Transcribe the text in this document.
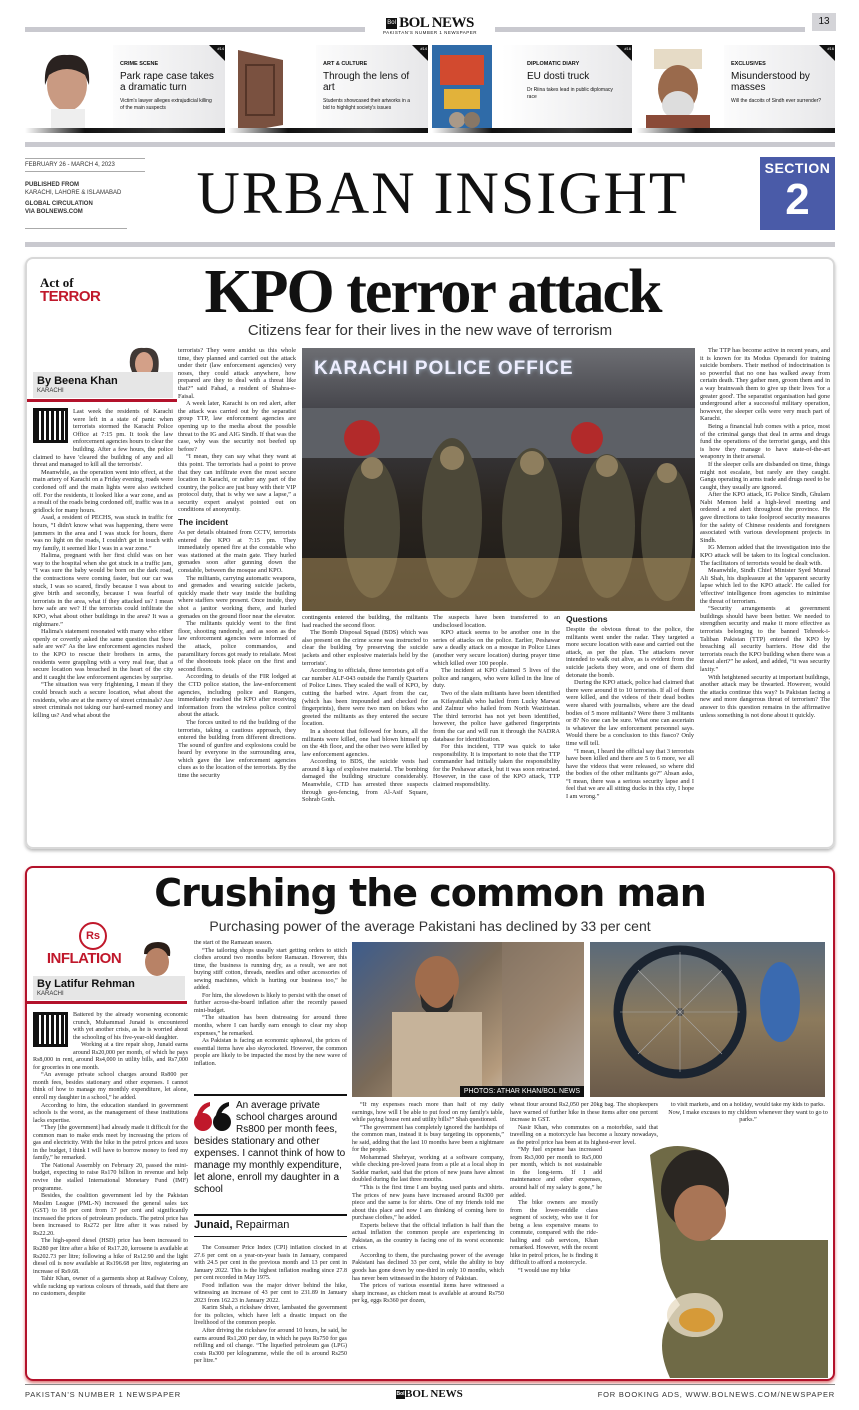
Bol BOL NEWS
PAKISTAN'S NUMBER 1 NEWSPAPER
13
CRIME SCENE
Park rape case takes a dramatic turn
Victim's lawyer alleges extrajudicial killing of the main suspects
#14
ART & CULTURE
Through the lens of art
Students showcased their artworks in a bid to highlight society's issues
#14
DIPLOMATIC DIARY
EU dosti truck
Dr Riina takes lead in public diplomacy race
#16
EXCLUSIVES
Misunderstood by masses
Will the dacoits of Sindh ever surrender?
#16
FEBRUARY 26 - MARCH 4, 2023
PUBLISHED FROM
KARACHI, LAHORE & ISLAMABAD
GLOBAL CIRCULATION
VIA BOLNEWS.COM	URBAN INSIGHT	SECTION
2
Act of
TERROR	KPO terror attack
Citizens fear for their lives in the new wave of terrorism
By Beena Khan
KARACHI

Last week the residents of Karachi were left in a state of panic when terrorists stormed the Karachi Police Office at 7:15 pm. It took the law enforcement agencies hours to clear the building. After a few hours, the police claimed to have 'cleared the building of any and all threat and managed to kill all the terrorists'.

Meanwhile, as the operation went into effect, at the main artery of Karachi on a Friday evening, roads were cordoned off and the main lights were also switched off. For the residents, it looked like a war zone, and as a result of the roads being cordoned off, traffic was in a gridlock for many hours.

Asad, a resident of PECHS, was stuck in traffic for hours, “I didn't know what was happening, there were jammers in the area and I was stuck for hours, there was no light on the roads, I couldn't get in touch with my family, it seemed like I was in a war zone.”

Halima, pregnant with her first child was on her way to the hospital when she got stuck in a traffic jam, “I was sure the baby would be born on the dark road, the contractions were coming faster, but our car was stuck, I was so scared, firstly because I was about to give birth and secondly, because I was fearful of terrorists in the area, what if they attacked us? I mean how safe are we? If the terrorists could infiltrate the KPO, what about other buildings in the area? It was a nightmare.”

Halima's statement resonated with many who either openly or covertly asked the same question that 'how safe are we?' As the law enforcement agencies rushed to the KPO to rescue their brothers in arms, the residents were grappling with a very real fear, that a secure location was breached in the heart of the city and it caught the law enforcement agencies by surprise.

“The situation was very frightening, I mean if they could breach such a secure location, what about the residents, who are at the mercy of street criminals? Are street criminals not taking our hard-earned money and killing us? And what about the

terrorists? They were amidst us this whole time, they planned and carried out the attack under their (law enforcement agencies) very noses, they could attack anywhere, how prepared are they to deal with a threat like that?” said Fahad, a resident of Shahra-e-Faisal.

A week later, Karachi is on red alert, after the attack was carried out by the separatist group TTP, law enforcement agencies are opening up to the media about the possible threat to the IG and AIG Sindh. If that was the case, why was the security not beefed up before?

“I mean, they can say what they want at this point. The terrorists had a point to prove that they can infiltrate even the most secure location in Karachi, or rather any part of the country, the police are just busy with their VIP protocol duty, that is why we saw a lapse,” a security expert analyst pointed out on conditions of anonymity.

The incident

As per details obtained from CCTV, terrorists entered the KPO at 7:15 pm. They immediately opened fire at the constable who was stationed at the main gate. They hurled grenades soon after gunning down the constable, between the mosque and KPO.

The militants, carrying automatic weapons, and grenades and wearing suicide jackets, quickly made their way inside the building where staffers were present. Once inside, they shot a janitor working there, and hurled grenades on the ground floor near the elevator.

The militants quickly went to the first floor, shooting randomly, and as soon as the law enforcement agencies were informed of the attack, police commandos, and paramilitary forces got ready to retaliate. Most of the shootouts took place on the first and second floors.

According to details of the FIR lodged at the CTD police station, the law-enforcement agencies, including police and Rangers, immediately reached the KPO after receiving information from the wireless police control about the attack.

The forces united to rid the building of the terrorists, taking a cautious approach, they entered the building from different directions. The sound of gunfire and explosions could be heard by everyone in the surrounding area, which gave the law enforcement agencies clues as to the location of the terrorists. By the time the security

KARACHI POLICE OFFICE

contingents entered the building, the militants had reached the second floor.

The Bomb Disposal Squad (BDS) which was also present on the crime scene was instructed to clear the building 'by preserving the suicide jackets and other explosive materials held by the terrorists'.

According to officials, three terrorists got off a car number ALF-043 outside the Family Quarters of Police Lines. They scaled the wall of KPO, by cutting the barbed wire. Apart from the car, (which has been impounded and checked for fingerprints), there were two men on bikes who greeted the militants as they entered the secure location.

In a shootout that followed for hours, all the militants were killed, one had blown himself up on the 4th floor, and the other two were killed by law enforcement agencies.

According to BDS, the suicide vests had around 8 kgs of explosive material. The bombing damaged the building structure considerably. Meanwhile, CTD has arrested three suspects through geo-fencing, from Al-Asif Square, Sohrab Goth.

The suspects have been transferred to an undisclosed location.

KPO attack seems to be another one in the series of attacks on the police. Earlier, Peshawar saw a deadly attack on a mosque in Police Lines (another very secure location) during prayer time which killed over 100 people.

The incident at KPO claimed 5 lives of the police and rangers, who were killed in the line of duty.

Two of the slain militants have been identified as Kifayatullah who hailed from Lucky Marwat and Zalmur who hailed from North Waziristan. The third terrorist has not yet been identified, however, the police have gathered fingerprints from the car and will run it through the NADRA database for identification.

For this incident, TTP was quick to take responsibility. It is important to note that the TTP commander had initially taken the responsibility for the Peshawar attack, but it was soon retracted. However, in the case of the KPO attack, TTP claimed responsibility.

Questions

Despite the obvious threat to the police, the militants went under the radar. They targeted a more secure location with ease and carried out the attack, as per the plan. The attackers never intended to walk out alive, as is evident from the suicide jackets they wore, and one of them did detonate the bomb.

During the KPO attack, police had claimed that there were around 8 to 10 terrorists. If all of them were killed, and the videos of their dead bodies were shared with journalists, where are the dead bodies of 5 more militants? Were there 3 militants or 8? No one can be sure. What one can ascertain is whatever the law enforcement personnel says. Would there be a conclusion to this fiasco? Only time will tell.

“I mean, I heard the official say that 3 terrorists have been killed and there are 5 to 6 more, we all have the videos that were released, so where did the bodies of the other militants go?” Ahsan asks, “I mean, there was a serious security lapse and I feel that we are all sitting ducks in this city, I hope I am wrong.”

The TTP has become active in recent years, and it is known for its Modus Operandi for training suicide bombers. Their method of indoctrination is so powerful that no one has walked away from certain death. They gather men, groom them and in a way brainwash them to give up their lives 'for a greater good'. The separatist organisation had gone underground after a successful military operation, however, the sleeper cells were very much part of Karachi.

Being a financial hub comes with a price, most of the criminal gangs that deal in arms and drugs fund the operations of the terrorist gangs, and this is how they manage to have state-of-the-art weaponry in their arsenal.

If the sleeper cells are disbanded on time, things might not escalate, but rarely are they caught. Gangs operating in arms trade and drugs need to be caught, they usually are ignored.

After the KPO attack, IG Police Sindh, Ghulam Nabi Memon held a high-level meeting and ordered a red alert throughout the province. He gave directions to take foolproof security measures for the safety of Chinese residents and foreigners associated with various development projects in Sindh.

IG Memon added that the investigation into the KPO attack will be taken to its logical conclusion. The facilitators of terrorists would be dealt with.

Meanwhile, Sindh Chief Minister Syed Murad Ali Shah, his displeasure at the 'apparent security lapse which led to the KPO attack'. He called for 'effective' intelligence from agencies to minimise the threat of terrorism.

“Security arrangements at government buildings should have been better. We needed to strengthen security and make it more effective as terrorists belonging to the banned Tehreek-i-Taliban Pakistan (TTP) entered the KPO by breaching all security barriers. How did the terrorists reach the KPO building when there was a threat alert?” he asked, and added, “it was security laxity.”

With heightened security at important buildings, another attack may be thwarted. However, would the attacks continue this way? Is Pakistan facing a new and more dangerous threat of terrorism? The answer to this question remains in the affirmative unless something is not done about it quickly.

Crushing the common man
Purchasing power of the average Pakistani has declined by 33 per cent
Rs
INFLATION
By Latifur Rehman
KARACHI

Battered by the already worsening economic crunch, Muhammad Junaid is encountered with yet another crisis, as he is worried about the schooling of his five-year-old daughter.

Working at a tire repair shop, Junaid earns around Rs20,000 per month, of which he pays Rs8,000 in rent, around Rs4,000 in utility bills, and Rs7,000 for groceries in one month.

“An average private school charges around Rs800 per month fees, besides stationary and other expenses. I cannot think of how to manage my monthly expenditure, let alone, enroll my daughter in a school,” he added.

According to him, the education standard in government schools is the worst, as the management of these institutions lacks expertise.

“They [the government] had already made it difficult for the common man to make ends meet by increasing the prices of gas and electricity. With the hike in the petrol prices and taxes in the budget, I think I will have to borrow money to feed my family,” he remarked.

The National Assembly on February 20, passed the mini-budget, expecting to raise Rs170 billion in revenue and help revive the stalled International Monetary Fund (IMF) programme.

Besides, the coalition government led by the Pakistan Muslim League (PML-N) increased the general sales tax (GST) to 18 per cent from 17 per cent and significantly increased the prices of petroleum products. The petrol price has been increased to Rs272 per litre after it was raised by Rs22.20.

The high-speed diesel (HSD) price has been increased to Rs280 per litre after a hike of Rs17.20, kerosene is available at Rs202.73 per litre; following a hike of Rs12.90 and the light diesel oil is now available at Rs196.68 per litre, registering an increase of Rs9.68.

Tahir Khan, owner of a garments shop at Railway Colony, while racking up various colours of threads, said that there are no customers, despite

the start of the Ramazan season.

“The tailoring shops usually start getting orders to stitch clothes around two months before Ramazan. However, this time, the business is running dry, as a result, we are not buying stiff cotton, threads, needles and other accessories of sewing machines, which is hurting our business too,” he added.

For him, the slowdown is likely to persist with the onset of further across-the-board inflation after the recently passed mini-budget.

“The situation has been distressing for around three months, where I can hardly earn enough to clear my shop expenses,” he remarked.

As Pakistan is facing an economic upheaval, the prices of essential items have also skyrocketed. However, the common people are likely to be impacted the most by the new wave of inflation.

An average private school charges around Rs800 per month fees, besides stationary and other expenses. I cannot think of how to manage my monthly expenditure, let alone, enroll my daughter in a school
Junaid, Repairman

The Consumer Price Index (CPI) inflation clocked in at 27.6 per cent on a year-on-year basis in January, compared with 24.5 per cent in the previous month and 13 per cent in January 2022. This is the highest inflation reading since 27.8 per cent recorded in May 1975.

Food inflation was the major driver behind the hike, witnessing an increase of 43 per cent to 231.89 in January 2023 from 162.23 in January 2022.

Karim Shah, a rickshaw driver, lambasted the government for its policies, which have left a drastic impact on the livelihood of the common people.

After driving the rickshaw for around 10 hours, he said, he earns around Rs1,200 per day, in which he pays Rs750 for gas refilling and oil change. “The liquefied petroleum gas (LPG) costs Rs300 per kilogramme, while the oil is around Rs250 per litre.”

PHOTOS: ATHAR KHAN/BOL NEWS

“If my expenses reach more than half of my daily earnings, how will I be able to put food on my family's table, while paying house rent and utility bills?” Shah questioned.

“The government has completely ignored the hardships of the common man, instead it is busy targeting its opponents,” he said, adding that the last 10 months have been a nightmare for the people.

Mohammad Shehryar, working at a software company, while checking pre-loved jeans from a pile at a local shop in Saddar market, said that the prices of new jeans have almost doubled during the last three months.

“This is the first time I am buying used pants and shirts. The prices of new jeans have increased around Rs300 per piece and the same is for shirts. One of my friends told me about this place and now I am thinking of coming here to purchase clothes,” he added.

Experts believe that the official inflation is half than the actual inflation the common people are experiencing in Pakistan, as the country is facing one of its worst economic crises.

According to them, the purchasing power of the average Pakistani has declined 33 per cent, while the ability to buy goods has gone down by one-third in only 10 months, which has never been witnessed in the history of Pakistan.

The prices of various essential items have witnessed a sharp increase, as chicken meat is available at around Rs750 per kg, eggs Rs360 per dozen,

wheat flour around Rs2,050 per 20kg bag. The shopkeepers have warned of further hike in these items after one percent increase in GST.

Nasir Khan, who commutes on a motorbike, said that travelling on a motorcycle has become a luxury nowadays, as the petrol price has been at its highest-ever level.

“My fuel expense has increased from Rs3,000 per month to Rs5,000 per month, which is not sustainable in the long-term. If I add maintenance and other expenses, around half of my salary is gone,” he added.

The bike owners are mostly from the lower-middle class segment of society, who use it for being a less expensive means to commute, compared with the ride-hailing and cab services, Khan remarked. However, with the recent hike in petrol prices, he is finding it difficult to afford a motorcycle.

“I would use my bike

to visit markets, and on a holiday, would take my kids to parks. Now, I make excuses to my children whenever they want to go to parks.”

PAKISTAN'S NUMBER 1 NEWSPAPER	BolBOL NEWS	FOR BOOKING ADS, WWW.BOLNEWS.COM/NEWSPAPER
